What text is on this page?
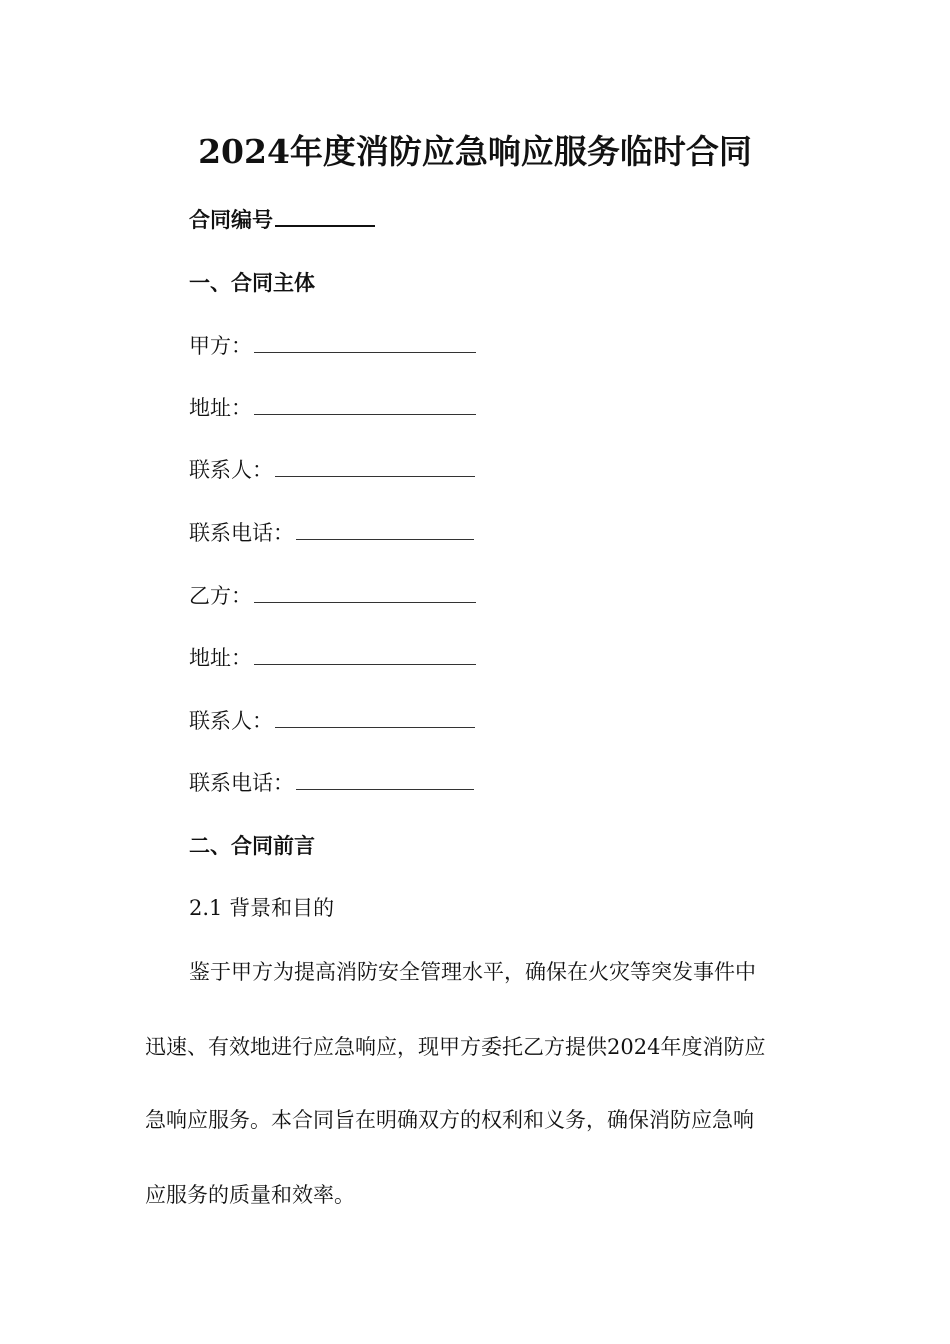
2024年度消防应急响应服务临时合同
合同编号
一、合同主体
甲方：
地址：
联系人：
联系电话：
乙方：
地址：
联系人：
联系电话：
二、合同前言
2.1 背景和目的
鉴于甲方为提高消防安全管理水平，确保在火灾等突发事件中
迅速、有效地进行应急响应，现甲方委托乙方提供2024年度消防应
急响应服务。本合同旨在明确双方的权利和义务，确保消防应急响
应服务的质量和效率。
